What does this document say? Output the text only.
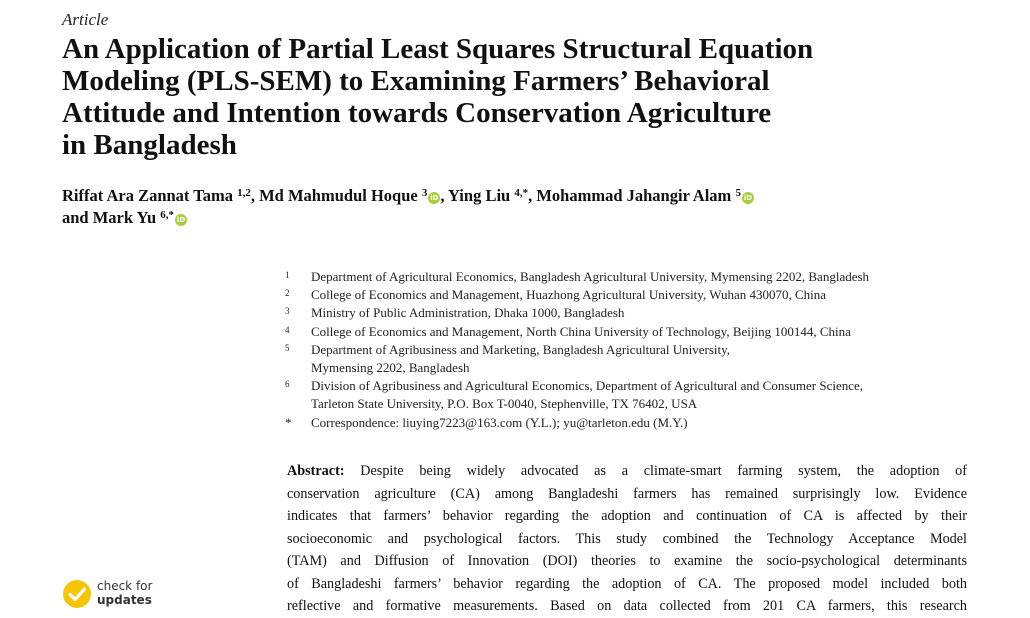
Article
An Application of Partial Least Squares Structural Equation
Modeling (PLS-SEM) to Examining Farmers’ Behavioral
Attitude and Intention towards Conservation Agriculture
in Bangladesh
Riffat Ara Zannat Tama $^{1,2}$, Md Mahmudul Hoque $^3$ iD , Ying Liu $^{4,*}$, Mohammad Jahangir Alam $^5$ iD
and Mark Yu $^{6,*}$ iD
1 Department of Agricultural Economics, Bangladesh Agricultural University, Mymensing 2202, Bangladesh
2 College of Economics and Management, Huazhong Agricultural University, Wuhan 430070, China
3 Ministry of Public Administration, Dhaka 1000, Bangladesh
4 College of Economics and Management, North China University of Technology, Beijing 100144, China
5 Department of Agribusiness and Marketing, Bangladesh Agricultural University,
Mymensing 2202, Bangladesh
6 Division of Agribusiness and Agricultural Economics, Department of Agricultural and Consumer Science,
Tarleton State University, P.O. Box T-0040, Stephenville, TX 76402, USA
* Correspondence: liuying7223@163.com (Y.L.); yu@tarleton.edu (M.Y.)
Abstract: Despite being widely advocated as a climate-smart farming system, the adoption of
conservation agriculture (CA) among Bangladeshi farmers has remained surprisingly low. Evidence
indicates that farmers’ behavior regarding the adoption and continuation of CA is affected by their
socioeconomic and psychological factors. This study combined the Technology Acceptance Model
(TAM) and Diffusion of Innovation (DOI) theories to examine the socio-psychological determinants
of Bangladeshi farmers’ behavior regarding the adoption of CA. The proposed model included both
reflective and formative measurements. Based on data collected from 201 CA farmers, this research
check for
updates
